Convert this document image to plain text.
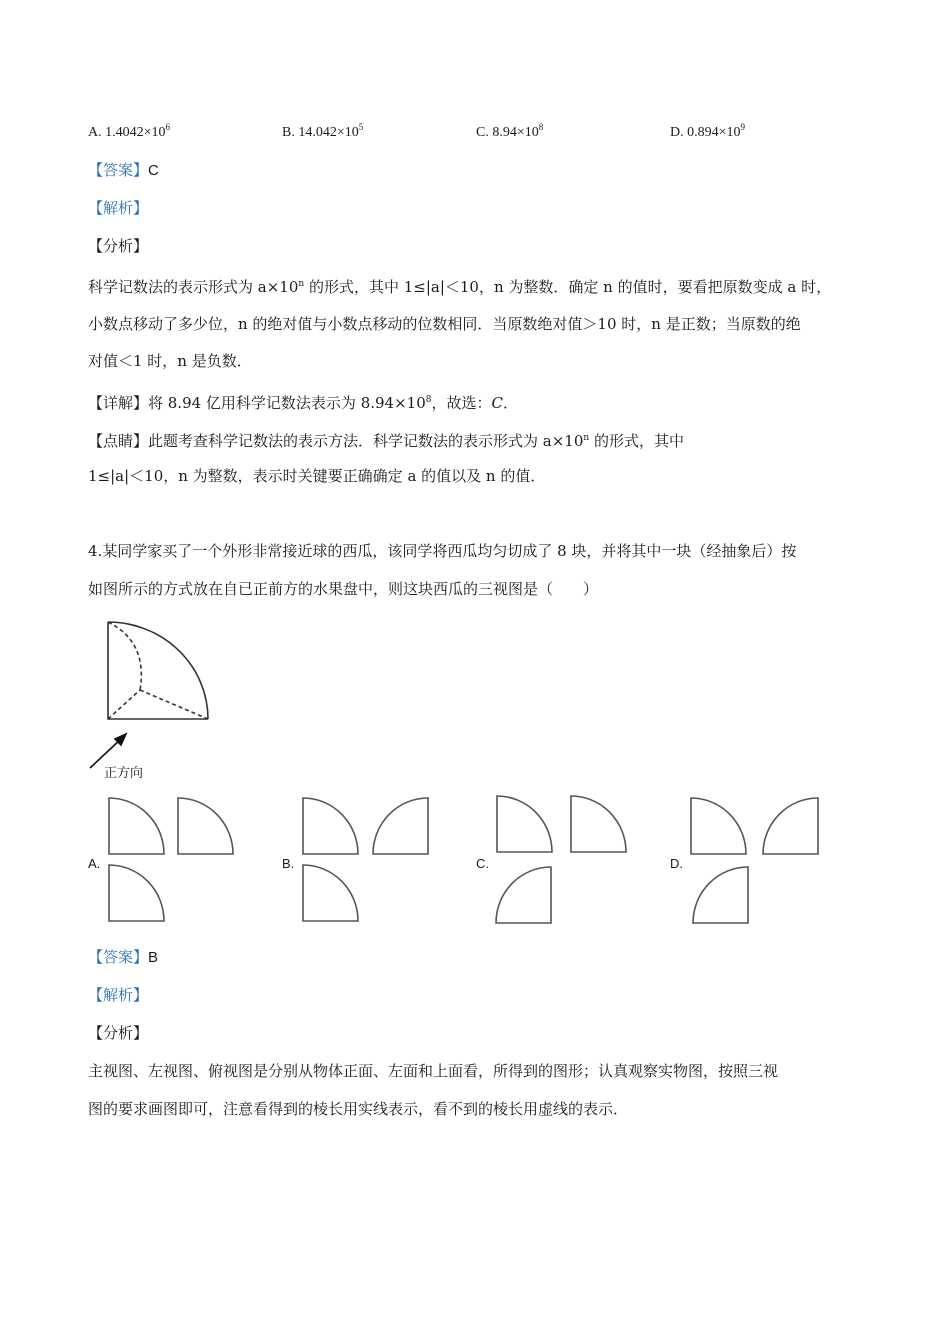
A. $1.4042\times 10^6$	B. $14.042\times 10^5$	C. $8.94\times 10^8$	D. $0.894\times 10^9$
【答案】C
【解析】
【分析】
科学记数法的表示形式为 $a\times 10^n$ 的形式，其中 1≤|a|＜10，n 为整数．确定 n 的值时，要看把原数变成 a 时，
小数点移动了多少位，n 的绝对值与小数点移动的位数相同．当原数绝对值＞10 时，n 是正数；当原数的绝
对值＜1 时，n 是负数．
【详解】将 8.94 亿用科学记数法表示为 $8.94\times 10^8$，故选：C．
【点睛】此题考查科学记数法的表示方法．科学记数法的表示形式为 $a\times 10^n$ 的形式，其中
1≤|a|＜10，n 为整数，表示时关键要正确确定 a 的值以及 n 的值．
4.某同学家买了一个外形非常接近球的西瓜，该同学将西瓜均匀切成了 8 块，并将其中一块（经抽象后）按
如图所示的方式放在自已正前方的水果盘中，则这块西瓜的三视图是（　　）
正方向
A.	B.	C.	D.
【答案】B
【解析】
【分析】
主视图、左视图、俯视图是分别从物体正面、左面和上面看，所得到的图形；认真观察实物图，按照三视
图的要求画图即可，注意看得到的棱长用实线表示，看不到的棱长用虚线的表示．
